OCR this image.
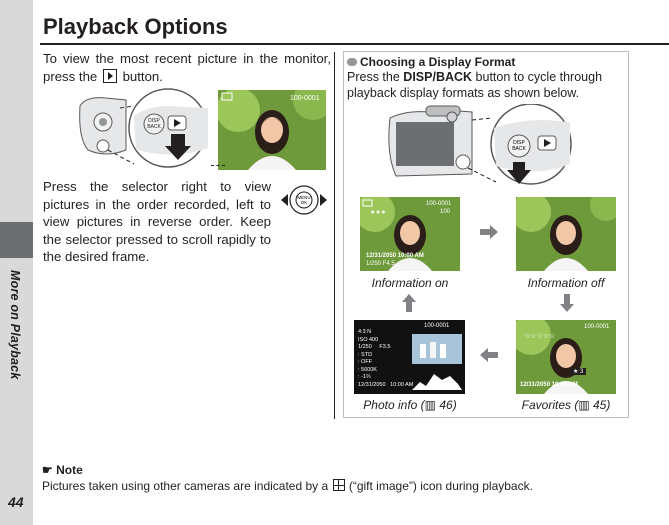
More on Playback
44
Playback Options
To view the most recent picture in the monitor, press the button.
DISP
BACK
100-0001
Press the selector right to view pictures in the order recorded, left to view pictures in reverse order. Keep the selector pressed to scroll rapidly to the desired frame.
MENU
OK
Choosing a Display Format
Press the DISP/BACK button to cycle through playback display formats as shown below.
DISP
BACK
100-0001
100
★★★
12/31/2050 10:00 AM
1/250 F4.5
Information on	Information off
100-0001
4:3 N
ISO 400
1/250     F3.5
: STD
: OFF
: 5600K
: -1⅔
12/31/2050   10:00 AM
Photo info (▥ 46)
100-0001
☆☆☆☆☆
★ 3
12/31/2050 10:00 AM
Favorites (▥ 45)
☛ Note
Pictures taken using other cameras are indicated by a (“gift image”) icon during playback.
